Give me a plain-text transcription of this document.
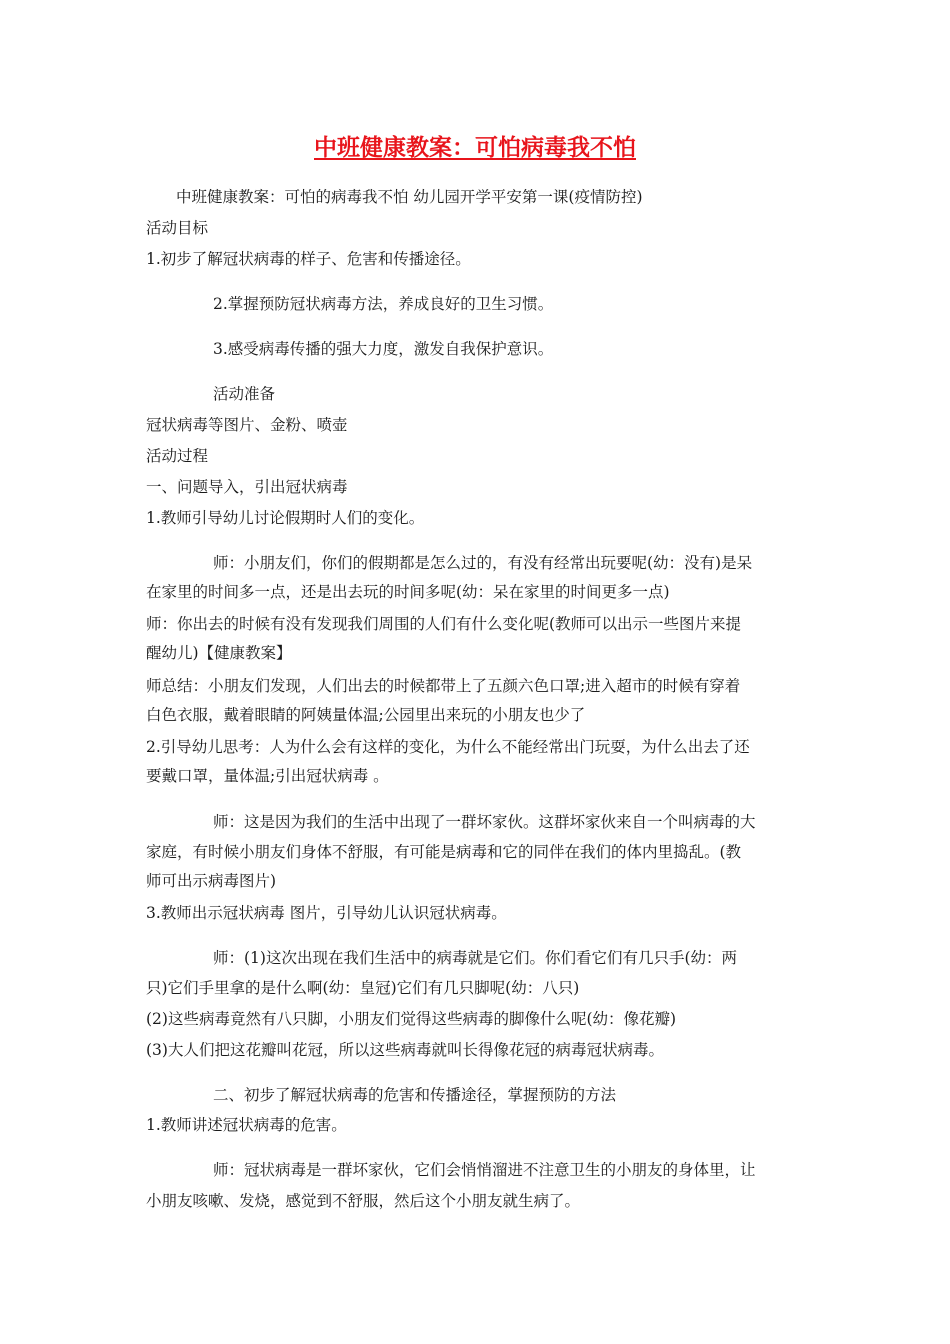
中班健康教案：可怕病毒我不怕
中班健康教案：可怕的病毒我不怕 幼儿园开学平安第一课(疫情防控)
活动目标
1.初步了解冠状病毒的样子、危害和传播途径。
2.掌握预防冠状病毒方法，养成良好的卫生习惯。
3.感受病毒传播的强大力度，激发自我保护意识。
活动准备
冠状病毒等图片、金粉、喷壶
活动过程
一、问题导入，引出冠状病毒
1.教师引导幼儿讨论假期时人们的变化。
师：小朋友们，你们的假期都是怎么过的，有没有经常出玩要呢(幼：没有)是呆
在家里的时间多一点，还是出去玩的时间多呢(幼：呆在家里的时间更多一点)
师：你出去的时候有没有发现我们周围的人们有什么变化呢(教师可以出示一些图片来提
醒幼儿)【健康教案】
师总结：小朋友们发现，人们出去的时候都带上了五颜六色口罩;进入超市的时候有穿着
白色衣服，戴着眼睛的阿姨量体温;公园里出来玩的小朋友也少了
2.引导幼儿思考：人为什么会有这样的变化，为什么不能经常出门玩耍，为什么出去了还
要戴口罩，量体温;引出冠状病毒 。
师：这是因为我们的生活中出现了一群坏家伙。这群坏家伙来自一个叫病毒的大
家庭，有时候小朋友们身体不舒服，有可能是病毒和它的同伴在我们的体内里捣乱。(教
师可出示病毒图片)
3.教师出示冠状病毒 图片，引导幼儿认识冠状病毒。
师：(1)这次出现在我们生活中的病毒就是它们。你们看它们有几只手(幼：两
只)它们手里拿的是什么啊(幼：皇冠)它们有几只脚呢(幼：八只)
(2)这些病毒竟然有八只脚，小朋友们觉得这些病毒的脚像什么呢(幼：像花瓣)
(3)大人们把这花瓣叫花冠，所以这些病毒就叫长得像花冠的病毒冠状病毒。
二、初步了解冠状病毒的危害和传播途径，掌握预防的方法
1.教师讲述冠状病毒的危害。
师：冠状病毒是一群坏家伙，它们会悄悄溜进不注意卫生的小朋友的身体里，让
小朋友咳嗽、发烧，感觉到不舒服，然后这个小朋友就生病了。
